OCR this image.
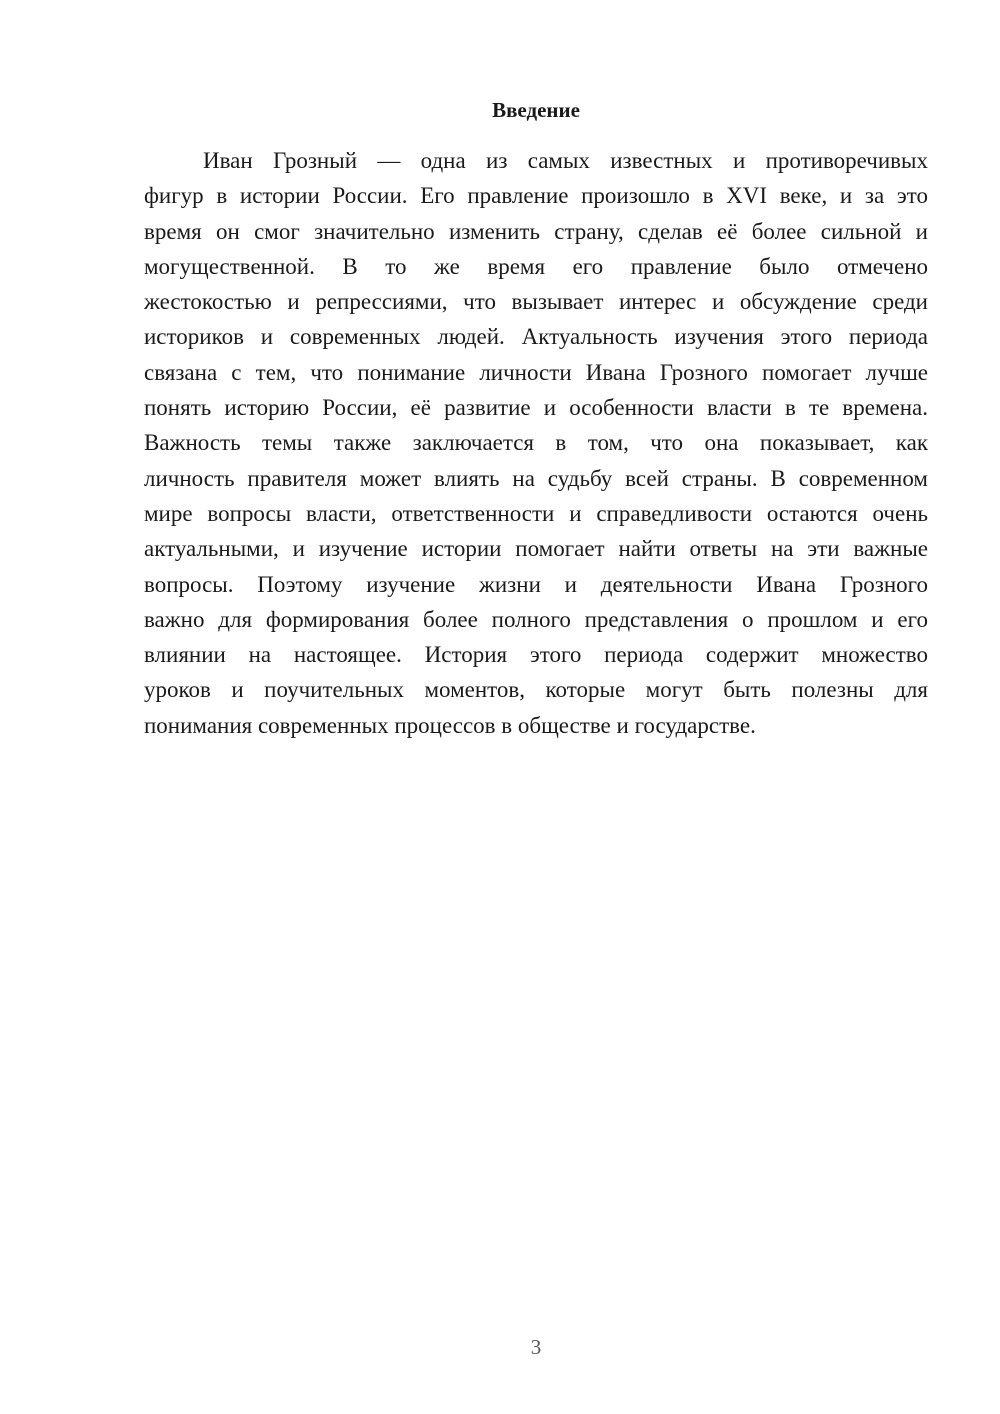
Введение
Иван Грозный — одна из самых известных и противоречивых
фигур в истории России. Его правление произошло в XVI веке, и за это
время он смог значительно изменить страну, сделав её более сильной и
могущественной. В то же время его правление было отмечено
жестокостью и репрессиями, что вызывает интерес и обсуждение среди
историков и современных людей. Актуальность изучения этого периода
связана с тем, что понимание личности Ивана Грозного помогает лучше
понять историю России, её развитие и особенности власти в те времена.
Важность темы также заключается в том, что она показывает, как
личность правителя может влиять на судьбу всей страны. В современном
мире вопросы власти, ответственности и справедливости остаются очень
актуальными, и изучение истории помогает найти ответы на эти важные
вопросы. Поэтому изучение жизни и деятельности Ивана Грозного
важно для формирования более полного представления о прошлом и его
влиянии на настоящее. История этого периода содержит множество
уроков и поучительных моментов, которые могут быть полезны для
понимания современных процессов в обществе и государстве.
3
